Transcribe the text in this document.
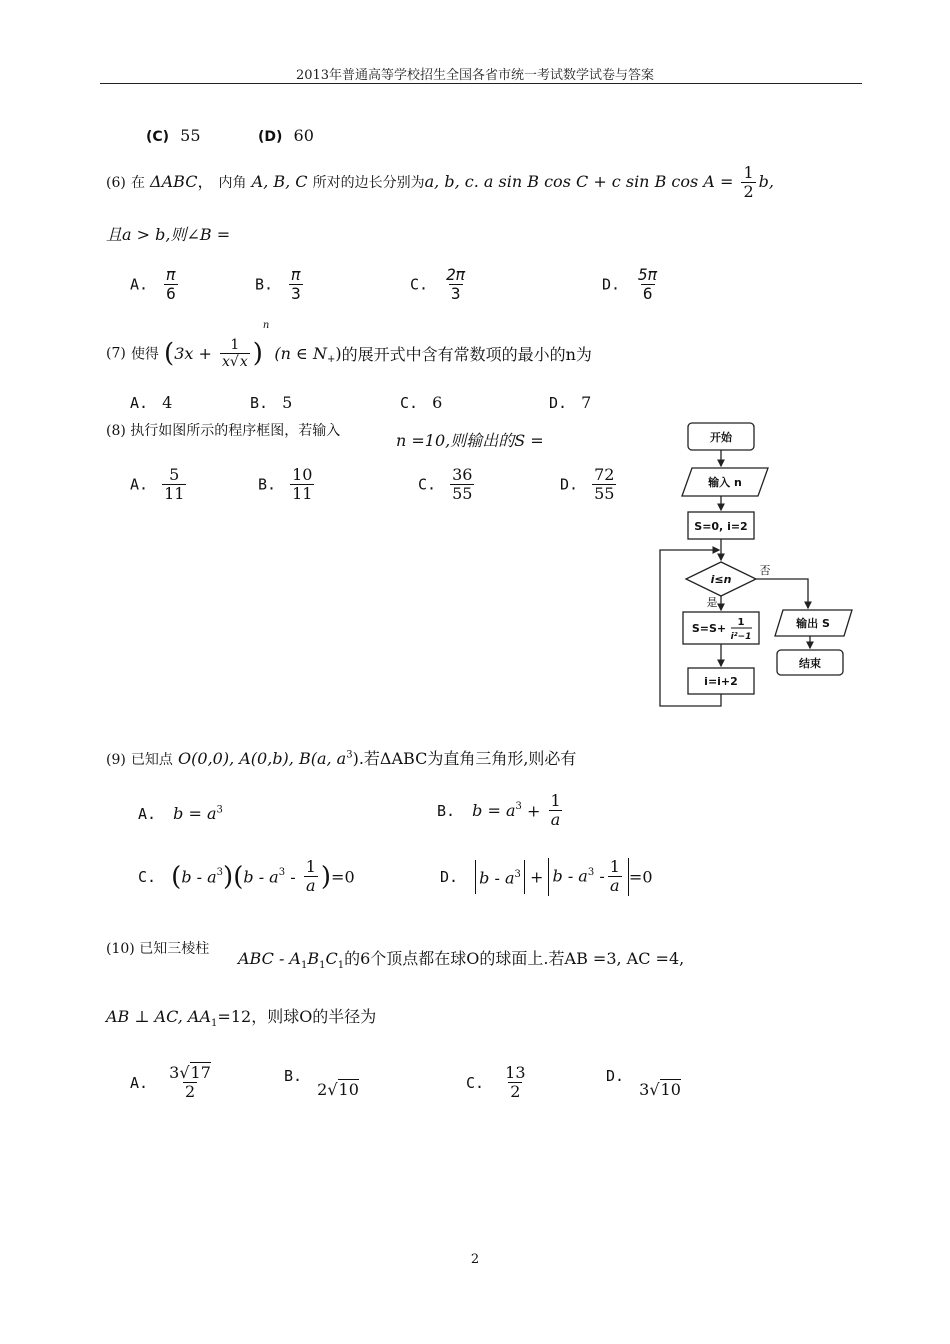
2013年普通高等学校招生全国各省市统一考试数学试卷与答案
(C) 55	(D) 60
(6) 在 ΔABC， 内角 A, B, C 所对的边长分别为a, b, c. a sin B cos C + c sin B $\cos A = \frac{1}{2} b$,
且a > b,则∠B =
A. $\frac{\pi}{6}$	B. $\frac{\pi}{3}$	C. $\frac{2\pi}{3}$	D. $\frac{5\pi}{6}$
(7) 使得 $(3x + \frac{1}{x√x} )^n$ (n ∈ $N_+$)的展开式中含有常数项的最小的n为
A. 4	B. 5	C. 6	D. 7
(8) 执行如图所示的程序框图，若输入	n =10,则输出的S =
A. $\frac{5}{11}$	B. $\frac{10}{11}$	C. $\frac{36}{55}$	D. $\frac{72}{55}$
开始
输入 n
S=0, i=2
i≤n
否
是
S=S+ 1
i²−1
i=i+2
输出 S
结束
(9) 已知点 O(0,0), A(0,b), B(a, $a^3$).若ΔABC为直角三角形,则必有
A. $b = a^3$	B. $b = a^3 + \frac{1}{a}$
C. $(b - a^3)(b - a^3 - \frac{1}{a} )=0$	D. $b - a^3 + b - a^3 - \frac{1}{a} =0$
(10) 已知三棱柱 ABC - $A_1B_1C_1$的6个顶点都在球O的球面上.若AB =3, AC =4,
AB ⊥ AC, $AA_1=12$，则球O的半径为
A. $\frac{3√17}{2}$	B. 2√10	C. $\frac{13}{2}$	D. 3√10
2
